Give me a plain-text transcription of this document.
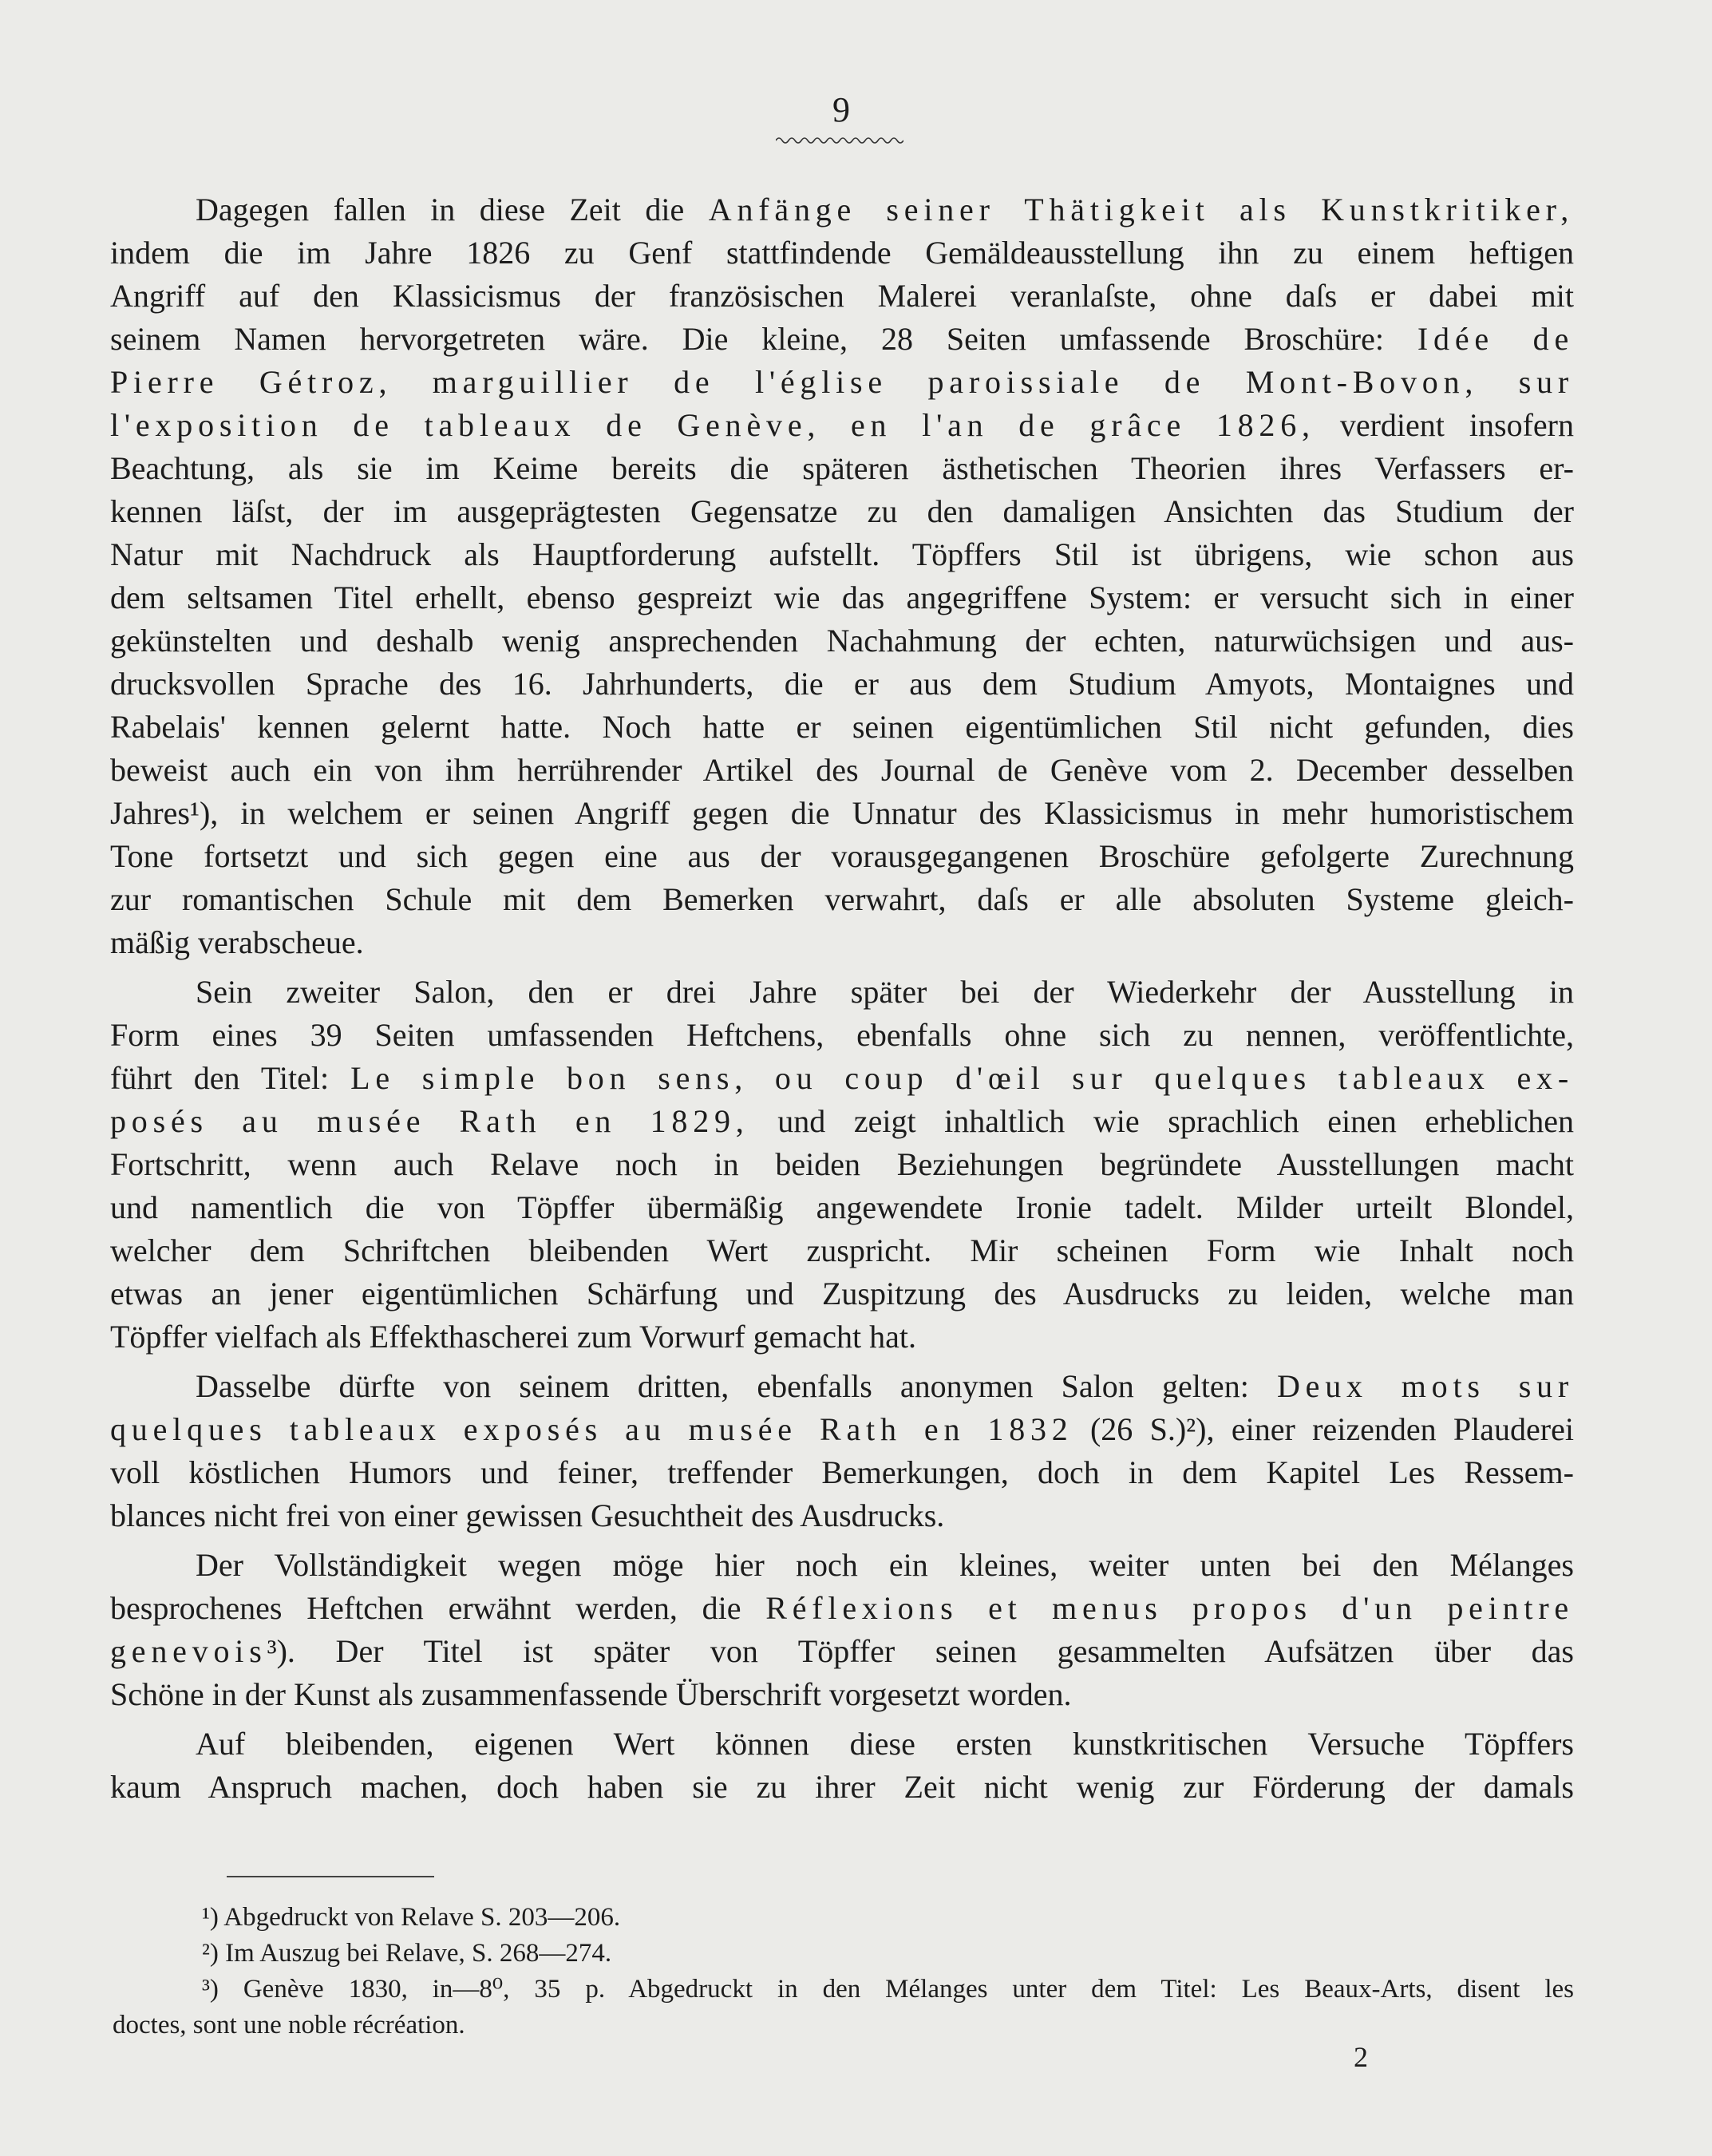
9
Dagegen fallen in diese Zeit die Anfänge seiner Thätigkeit als Kunstkritiker,
indem die im Jahre 1826 zu Genf stattfindende Gemäldeausstellung ihn zu einem heftigen
Angriff auf den Klassicismus der französischen Malerei veranlaſste, ohne daſs er dabei mit
seinem Namen hervorgetreten wäre. Die kleine, 28 Seiten umfassende Broschüre: Idée de
Pierre Gétroz, marguillier de l'église paroissiale de Mont-Bovon, sur
l'exposition de tableaux de Genève, en l'an de grâce 1826, verdient insofern
Beachtung, als sie im Keime bereits die späteren ästhetischen Theorien ihres Verfassers er-
kennen läſst, der im ausgeprägtesten Gegensatze zu den damaligen Ansichten das Studium der
Natur mit Nachdruck als Hauptforderung aufstellt. Töpffers Stil ist übrigens, wie schon aus
dem seltsamen Titel erhellt, ebenso gespreizt wie das angegriffene System: er versucht sich in einer
gekünstelten und deshalb wenig ansprechenden Nachahmung der echten, naturwüchsigen und aus-
drucksvollen Sprache des 16. Jahrhunderts, die er aus dem Studium Amyots, Montaignes und
Rabelais' kennen gelernt hatte. Noch hatte er seinen eigentümlichen Stil nicht gefunden, dies
beweist auch ein von ihm herrührender Artikel des Journal de Genève vom 2. December desselben
Jahres¹), in welchem er seinen Angriff gegen die Unnatur des Klassicismus in mehr humoristischem
Tone fortsetzt und sich gegen eine aus der vorausgegangenen Broschüre gefolgerte Zurechnung
zur romantischen Schule mit dem Bemerken verwahrt, daſs er alle absoluten Systeme gleich-
mäßig verabscheue.
Sein zweiter Salon, den er drei Jahre später bei der Wiederkehr der Ausstellung in
Form eines 39 Seiten umfassenden Heftchens, ebenfalls ohne sich zu nennen, veröffentlichte,
führt den Titel: Le simple bon sens, ou coup d'œil sur quelques tableaux ex-
posés au musée Rath en 1829, und zeigt inhaltlich wie sprachlich einen erheblichen
Fortschritt, wenn auch Relave noch in beiden Beziehungen begründete Ausstellungen macht
und namentlich die von Töpffer übermäßig angewendete Ironie tadelt. Milder urteilt Blondel,
welcher dem Schriftchen bleibenden Wert zuspricht. Mir scheinen Form wie Inhalt noch
etwas an jener eigentümlichen Schärfung und Zuspitzung des Ausdrucks zu leiden, welche man
Töpffer vielfach als Effekthascherei zum Vorwurf gemacht hat.
Dasselbe dürfte von seinem dritten, ebenfalls anonymen Salon gelten: Deux mots sur
quelques tableaux exposés au musée Rath en 1832 (26 S.)²), einer reizenden Plauderei
voll köstlichen Humors und feiner, treffender Bemerkungen, doch in dem Kapitel Les Ressem-
blances nicht frei von einer gewissen Gesuchtheit des Ausdrucks.
Der Vollständigkeit wegen möge hier noch ein kleines, weiter unten bei den Mélanges
besprochenes Heftchen erwähnt werden, die Réflexions et menus propos d'un peintre
genevois³). Der Titel ist später von Töpffer seinen gesammelten Aufsätzen über das
Schöne in der Kunst als zusammenfassende Überschrift vorgesetzt worden.
Auf bleibenden, eigenen Wert können diese ersten kunstkritischen Versuche Töpffers
kaum Anspruch machen, doch haben sie zu ihrer Zeit nicht wenig zur Förderung der damals
¹) Abgedruckt von Relave S. 203—206.
²) Im Auszug bei Relave, S. 268—274.
³) Genève 1830, in—8⁰, 35 p. Abgedruckt in den Mélanges unter dem Titel: Les Beaux-Arts, disent les
doctes, sont une noble récréation.
2
